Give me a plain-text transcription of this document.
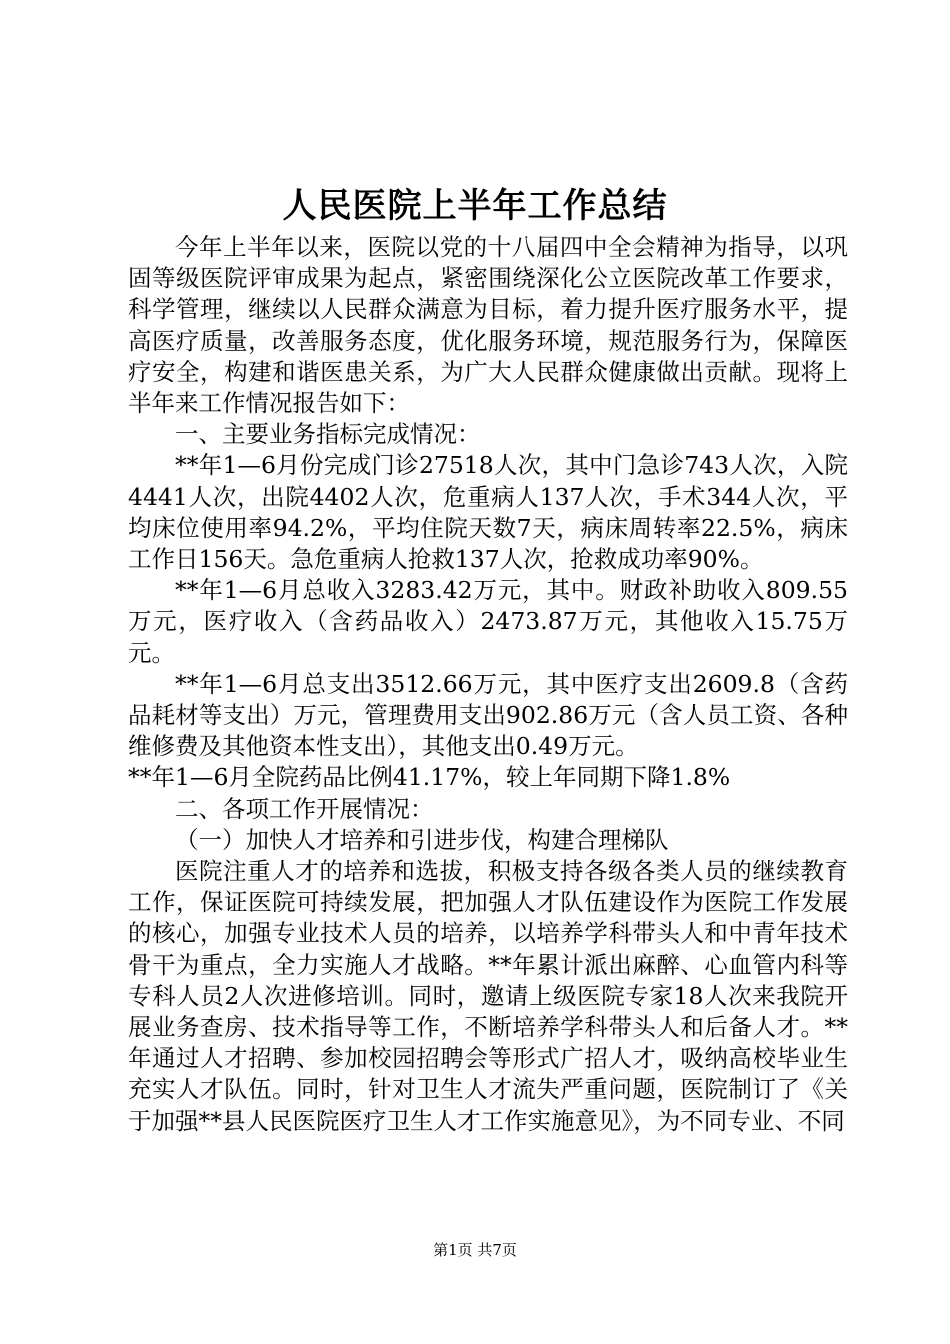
人民医院上半年工作总结

今年上半年以来，医院以党的十八届四中全会精神为指导，以巩固等级医院评审成果为起点，紧密围绕深化公立医院改革工作要求，科学管理，继续以人民群众满意为目标，着力提升医疗服务水平，提高医疗质量，改善服务态度，优化服务环境，规范服务行为，保障医疗安全，构建和谐医患关系，为广大人民群众健康做出贡献。现将上半年来工作情况报告如下：

一、主要业务指标完成情况：

**年1—6月份完成门诊27518人次，其中门急诊743人次，入院4441人次，出院4402人次，危重病人137人次，手术344人次，平均床位使用率94.2%，平均住院天数7天，病床周转率22.5%，病床工作日156天。急危重病人抢救137人次，抢救成功率90%。

**年1—6月总收入3283.42万元，其中。财政补助收入809.55万元，医疗收入（含药品收入）2473.87万元，其他收入15.75万元。

**年1—6月总支出3512.66万元，其中医疗支出2609.8（含药品耗材等支出）万元，管理费用支出902.86万元（含人员工资、各种维修费及其他资本性支出），其他支出0.49万元。

**年1—6月全院药品比例41.17%，较上年同期下降1.8%

二、各项工作开展情况：

（一）加快人才培养和引进步伐，构建合理梯队

医院注重人才的培养和选拔，积极支持各级各类人员的继续教育工作，保证医院可持续发展，把加强人才队伍建设作为医院工作发展的核心，加强专业技术人员的培养，以培养学科带头人和中青年技术骨干为重点，全力实施人才战略。**年累计派出麻醉、心血管内科等专科人员2人次进修培训。同时，邀请上级医院专家18人次来我院开展业务查房、技术指导等工作，不断培养学科带头人和后备人才。**年通过人才招聘、参加校园招聘会等形式广招人才，吸纳高校毕业生充实人才队伍。同时，针对卫生人才流失严重问题，医院制订了《关于加强**县人民医院医疗卫生人才工作实施意见》，为不同专业、不同

第1页 共7页
